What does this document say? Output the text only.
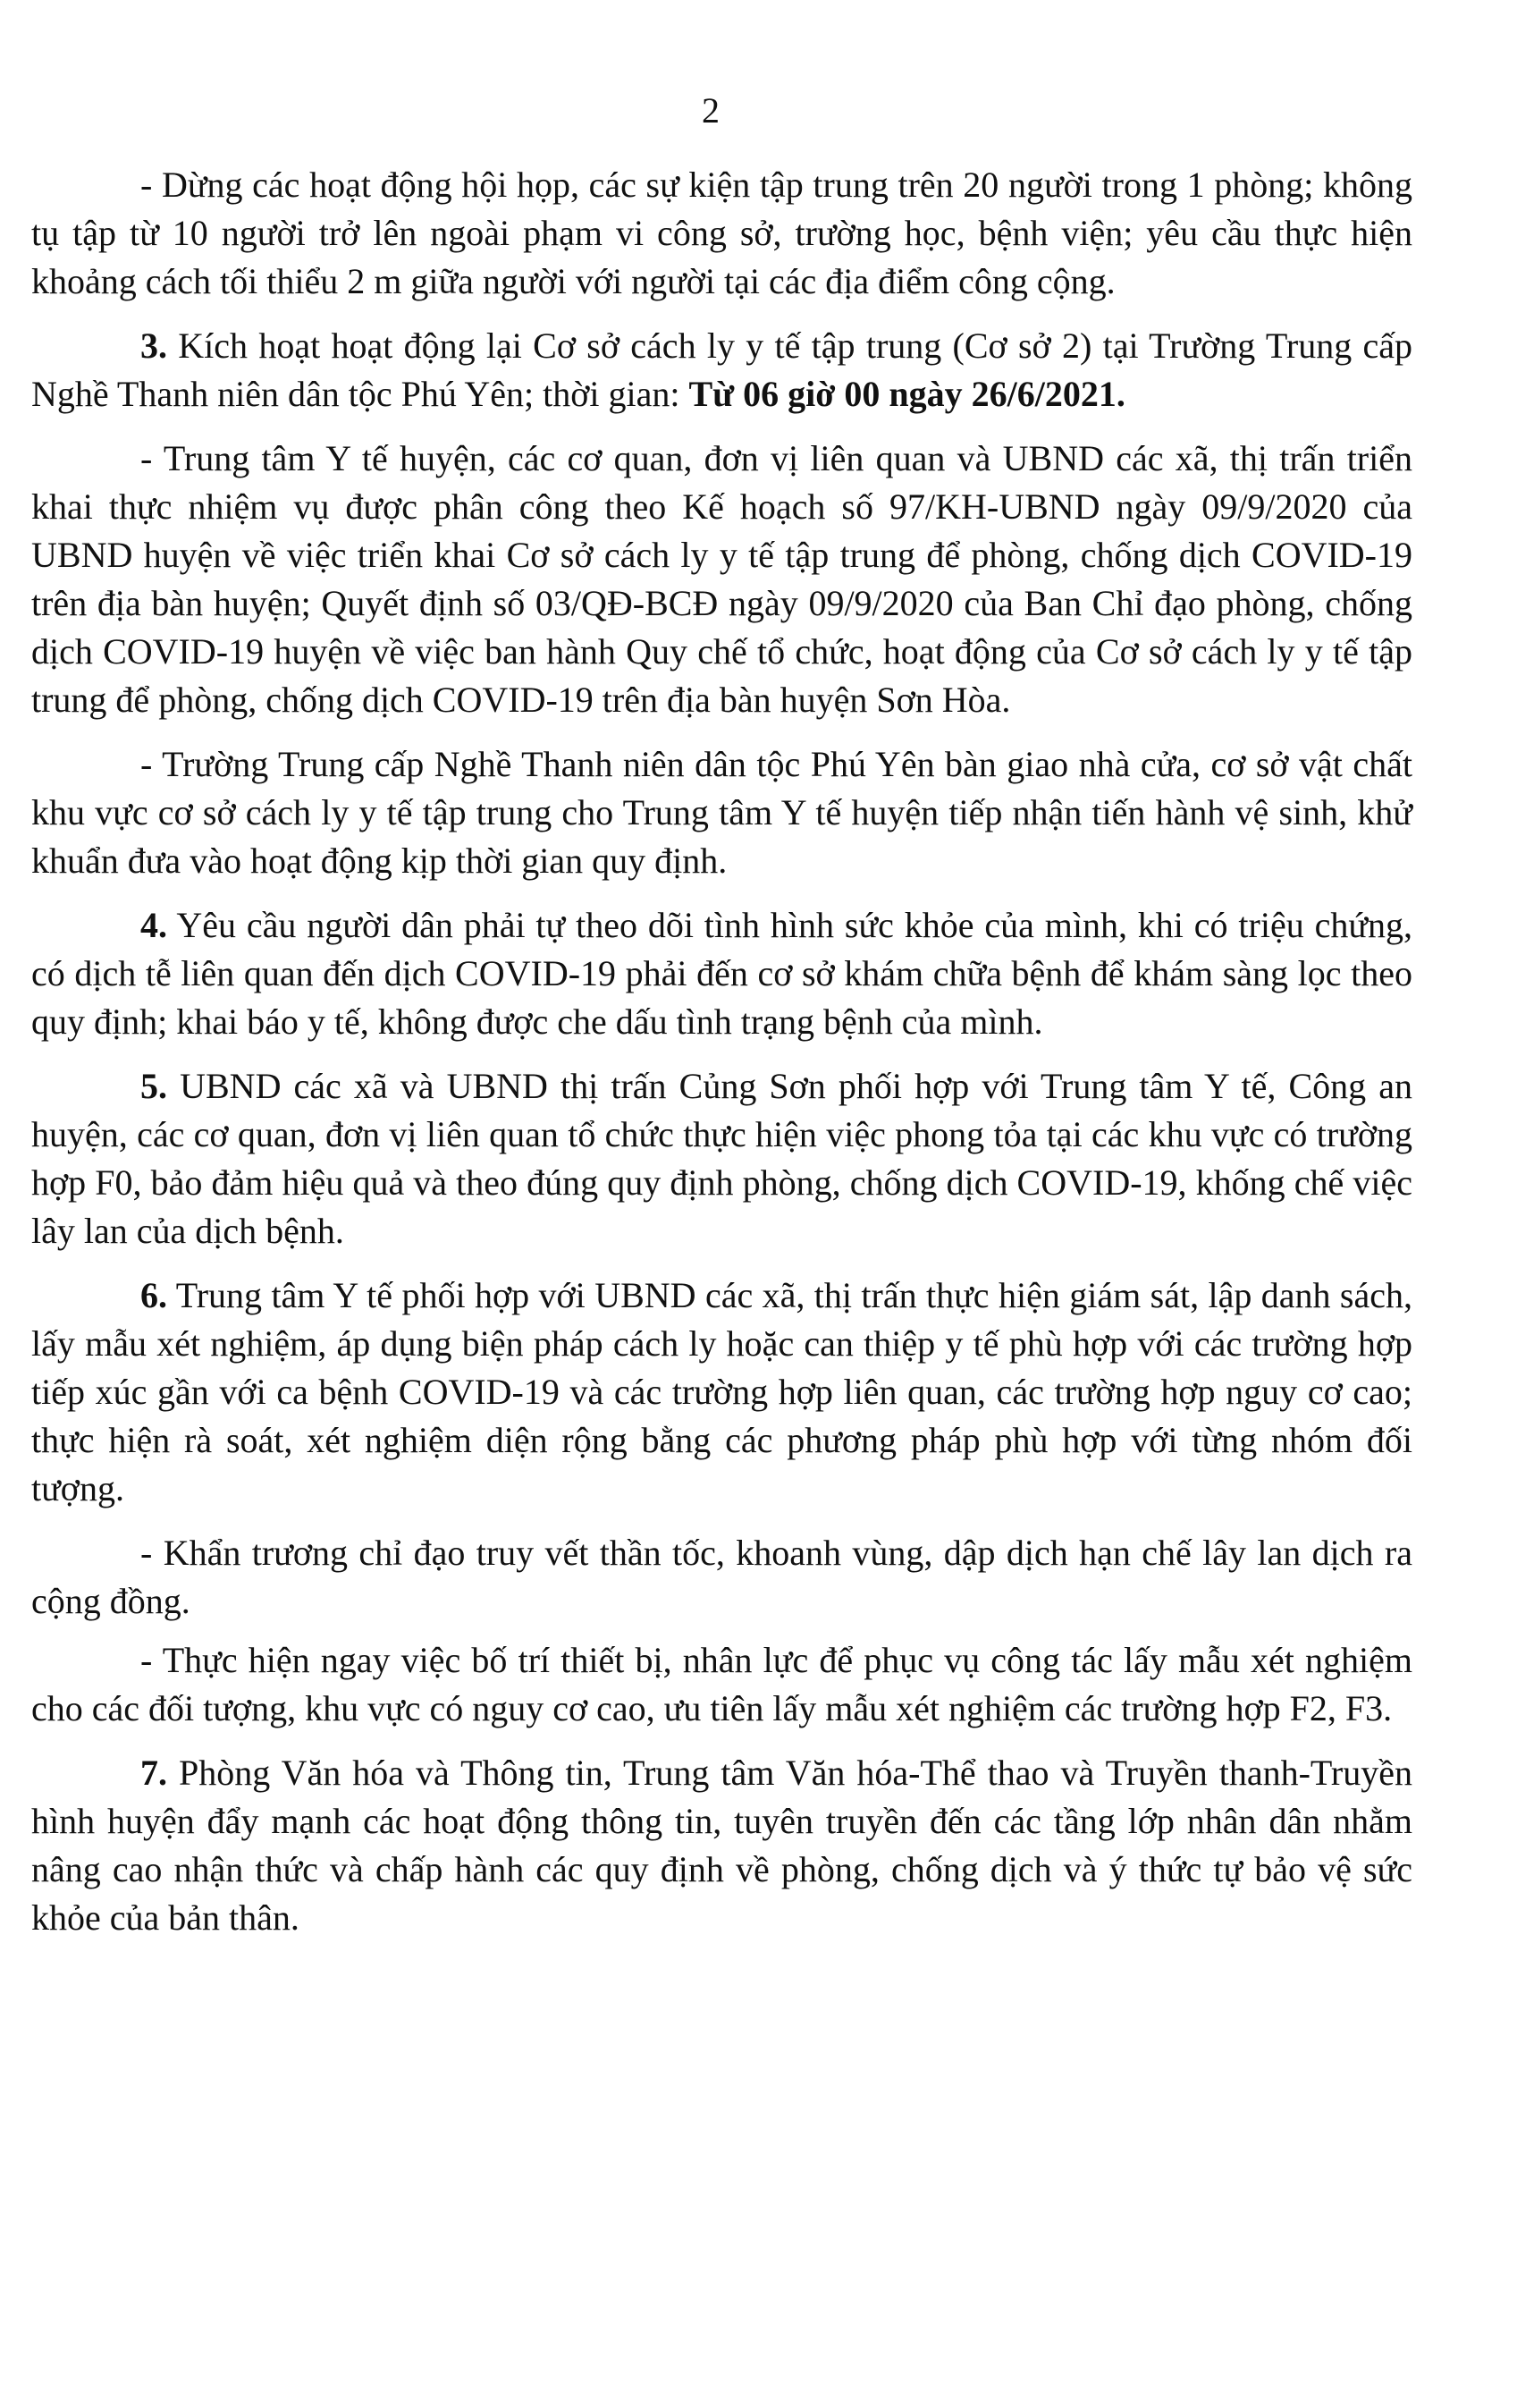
2

- Dừng các hoạt động hội họp, các sự kiện tập trung trên 20 người trong 1 phòng; không tụ tập từ 10 người trở lên ngoài phạm vi công sở, trường học, bệnh viện; yêu cầu thực hiện khoảng cách tối thiểu 2 m giữa người với người tại các địa điểm công cộng.

3. Kích hoạt hoạt động lại Cơ sở cách ly y tế tập trung (Cơ sở 2) tại Trường Trung cấp Nghề Thanh niên dân tộc Phú Yên; thời gian: Từ 06 giờ 00 ngày 26/6/2021.

- Trung tâm Y tế huyện, các cơ quan, đơn vị liên quan và UBND các xã, thị trấn triển khai thực nhiệm vụ được phân công theo Kế hoạch số 97/KH-UBND ngày 09/9/2020 của UBND huyện về việc triển khai Cơ sở cách ly y tế tập trung để phòng, chống dịch COVID-19 trên địa bàn huyện; Quyết định số 03/QĐ-BCĐ ngày 09/9/2020 của Ban Chỉ đạo phòng, chống dịch COVID-19 huyện về việc ban hành Quy chế tổ chức, hoạt động của Cơ sở cách ly y tế tập trung để phòng, chống dịch COVID-19 trên địa bàn huyện Sơn Hòa.

- Trường Trung cấp Nghề Thanh niên dân tộc Phú Yên bàn giao nhà cửa, cơ sở vật chất khu vực cơ sở cách ly y tế tập trung cho Trung tâm Y tế huyện tiếp nhận tiến hành vệ sinh, khử khuẩn đưa vào hoạt động kịp thời gian quy định.

4. Yêu cầu người dân phải tự theo dõi tình hình sức khỏe của mình, khi có triệu chứng, có dịch tễ liên quan đến dịch COVID-19 phải đến cơ sở khám chữa bệnh để khám sàng lọc theo quy định; khai báo y tế, không được che dấu tình trạng bệnh của mình.

5. UBND các xã và UBND thị trấn Củng Sơn phối hợp với Trung tâm Y tế, Công an huyện, các cơ quan, đơn vị liên quan tổ chức thực hiện việc phong tỏa tại các khu vực có trường hợp F0, bảo đảm hiệu quả và theo đúng quy định phòng, chống dịch COVID-19, khống chế việc lây lan của dịch bệnh.

6. Trung tâm Y tế phối hợp với UBND các xã, thị trấn thực hiện giám sát, lập danh sách, lấy mẫu xét nghiệm, áp dụng biện pháp cách ly hoặc can thiệp y tế phù hợp với các trường hợp tiếp xúc gần với ca bệnh COVID-19 và các trường hợp liên quan, các trường hợp nguy cơ cao; thực hiện rà soát, xét nghiệm diện rộng bằng các phương pháp phù hợp với từng nhóm đối tượng.

- Khẩn trương chỉ đạo truy vết thần tốc, khoanh vùng, dập dịch hạn chế lây lan dịch ra cộng đồng.

- Thực hiện ngay việc bố trí thiết bị, nhân lực để phục vụ công tác lấy mẫu xét nghiệm cho các đối tượng, khu vực có nguy cơ cao, ưu tiên lấy mẫu xét nghiệm các trường hợp F2, F3.

7. Phòng Văn hóa và Thông tin, Trung tâm Văn hóa-Thể thao và Truyền thanh-Truyền hình huyện đẩy mạnh các hoạt động thông tin, tuyên truyền đến các tầng lớp nhân dân nhằm nâng cao nhận thức và chấp hành các quy định về phòng, chống dịch và ý thức tự bảo vệ sức khỏe của bản thân.
